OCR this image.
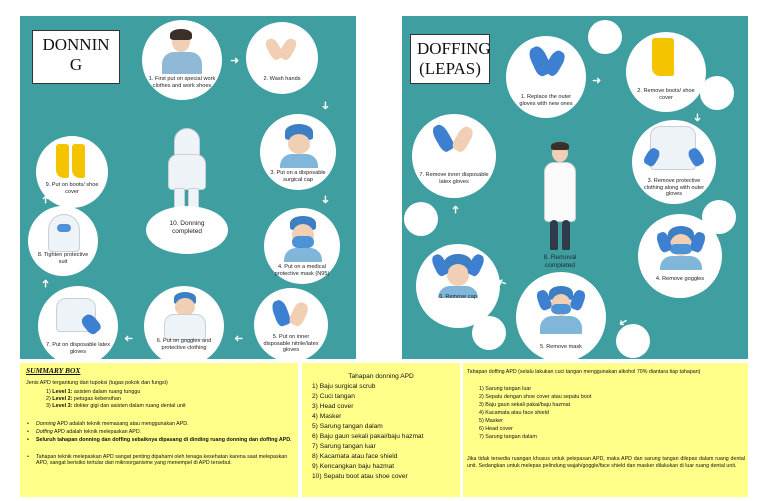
DONNIN
G
1. First put on special work clothes and work shoes
2. Wash hands
3. Put on a disposable surgical cap
4. Put on a medical protective mask (N95)
5. Put on inner disposable nitrile/latex gloves
6. Put on goggles and protective clothing
7. Put on disposable latex gloves
8. Tighten protective suit
9. Put on boots/ shoe cover
10. Donning
completed
➜
➜
➜
➜
➜
➜
➜
DOFFING
(LEPAS)
1. Replace the outer gloves with new ones
2. Remove boots/ shoe cover
3. Remove protective clothing along with outer gloves
4. Remove goggles
5. Remove mask
6. Remove cap
7. Remove inner disposable latex gloves
8. Removal
completed
➜
➜
➜
➜
➜
SUMMARY BOX
Jenis APD tergantung dari tupoksi (tugas pokok dan fungsi)
1) Level 1: asisten dalam ruang tunggu
2) Level 2: petugas kebersihan
3) Level 3: dokter gigi dan asisten dalam ruang dental unit
• Donning APD adalah teknik memasang atau menggunakan APD.
• Doffing APD adalah teknik melepaskan APD.
• Seluruh tahapan donning dan doffing sebaiknya dipasang di dinding ruang donning dan doffing APD.
• Tahapan teknik melepaskan APD sangat penting dipahami oleh tenaga kesehatan karena saat melepaskan APD, sangat berisiko tertular dari mikroorganisme yang menempel di APD tersebut.
Tahapan donning APD
1) Baju surgical scrub
2) Cuci tangan
3) Head cover
4) Masker
5) Sarung tangan dalam
6) Baju gaun sekali pakai/baju hazmat
7) Sarung tangan luar
8) Kacamata atau face shield
9) Kencangkan baju hazmat
10) Sepatu boot atau shoe cover
Tahapan doffing APD (selalu lakukan cuci tangan menggunakan alkohol 70% diantara tiap tahapan)
1) Sarung tangan luar
2) Sepatu dengan shoe cover atau sepatu boot
3) Baju gaun sekali pakai/baju hazmat
4) Kacamata atau face shield
5) Masker
6) Head cover
7) Sarung tangan dalam
Jika tidak tersedia ruangan khusus untuk pelepasan APD, maka APD dan sarung tangan dilepas dalam ruang dental unit. Sedangkan untuk melepas pelindung wajah/goggle/face shield dan masker dilakukan di luar ruang dental unit.
